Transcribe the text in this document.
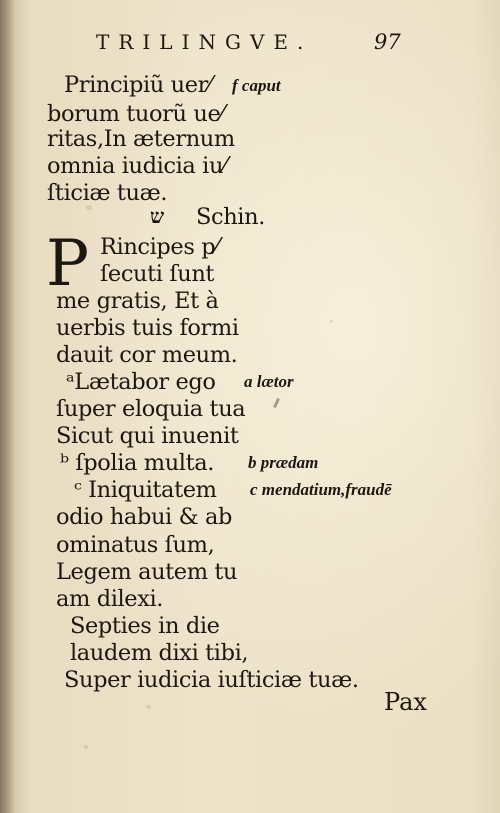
TRILINGVE.	97
Principiũ uer⁄
borum tuorũ ue⁄
ritas,In æternum
omnia iudicia iu⁄
ſticiæ tuæ.
f caput
ש Schin.
P Rincipes p⁄
ſecuti ſunt
me gratis, Et à
uerbis tuis formi
dauit cor meum.
ᵃLætabor ego
ſuper eloquia tua
Sicut qui inuenit
ᵇ ſpolia multa.
ᶜ Iniquitatem
odio habui & ab
ominatus ſum,
Legem autem tu
am dilexi.
Septies in die
laudem dixi tibi,
Super iudicia iuſticiæ tuæ.
a lætor
b prædam
c mendatium,fraudē
Pax
